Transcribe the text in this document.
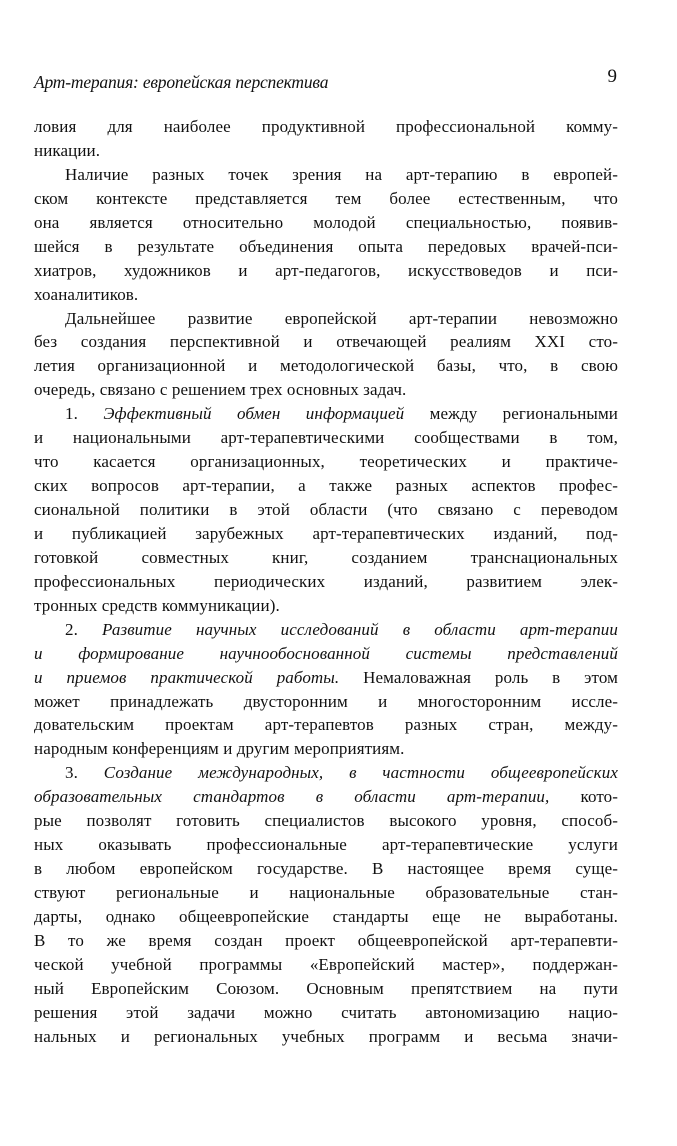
Арт-терапия: европейская перспектива	9
ловия для наиболее продуктивной профессиональной комму-
никации.
Наличие разных точек зрения на арт-терапию в европей-
ском контексте представляется тем более естественным, что
она является относительно молодой специальностью, появив-
шейся в результате объединения опыта передовых врачей-пси-
хиатров, художников и арт-педагогов, искусствоведов и пси-
хоаналитиков.
Дальнейшее развитие европейской арт-терапии невозможно
без создания перспективной и отвечающей реалиям XXI сто-
летия организационной и методологической базы, что, в свою
очередь, связано с решением трех основных задач.
1. Эффективный обмен информацией между региональными
и национальными арт-терапевтическими сообществами в том,
что касается организационных, теоретических и практиче-
ских вопросов арт-терапии, а также разных аспектов профес-
сиональной политики в этой области (что связано с переводом
и публикацией зарубежных арт-терапевтических изданий, под-
готовкой совместных книг, созданием транснациональных
профессиональных периодических изданий, развитием элек-
тронных средств коммуникации).
2. Развитие научных исследований в области арт-терапии
и формирование научнообоснованной системы представлений
и приемов практической работы. Немаловажная роль в этом
может принадлежать двусторонним и многосторонним иссле-
довательским проектам арт-терапевтов разных стран, между-
народным конференциям и другим мероприятиям.
3. Создание международных, в частности общеевропейских
образовательных стандартов в области арт-терапии, кото-
рые позволят готовить специалистов высокого уровня, способ-
ных оказывать профессиональные арт-терапевтические услуги
в любом европейском государстве. В настоящее время суще-
ствуют региональные и национальные образовательные стан-
дарты, однако общеевропейские стандарты еще не выработаны.
В то же время создан проект общеевропейской арт-терапевти-
ческой учебной программы «Европейский мастер», поддержан-
ный Европейским Союзом. Основным препятствием на пути
решения этой задачи можно считать автономизацию нацио-
нальных и региональных учебных программ и весьма значи-
